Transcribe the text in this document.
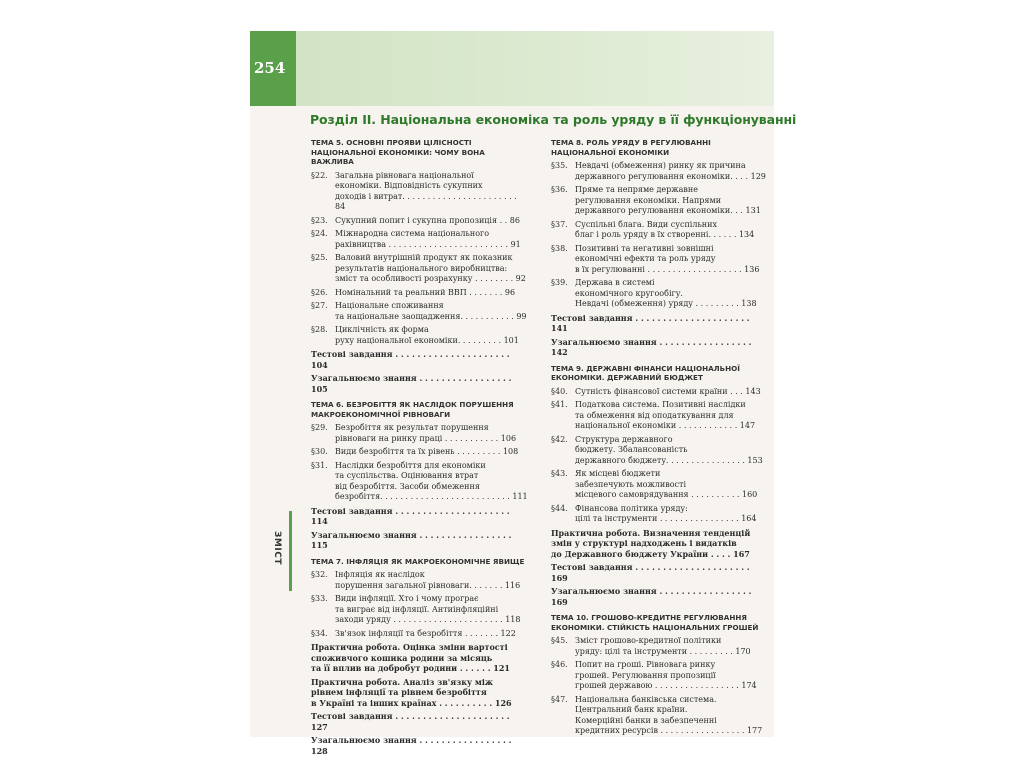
254
Розділ II. Національна економіка та роль уряду в її функціонуванні
ЗМІСТ
ТЕМА 5. ОСНОВНІ ПРОЯВИ ЦІЛІСНОСТІ НАЦІОНАЛЬНОЇ ЕКОНОМІКИ: ЧОМУ ВОНА ВАЖЛИВА
§22. Загальна рівновага національної
економіки. Відповідність сукупних
доходів і витрат. . . . . . . . . . . . . . . . . . . . . . . 84
§23. Сукупний попит і сукупна пропозиція . . 86
§24. Міжнародна система національного
рахівництва . . . . . . . . . . . . . . . . . . . . . . . . 91
§25. Валовий внутрішній продукт як показник
результатів національного виробництва:
зміст та особливості розрахунку . . . . . . . . 92
§26. Номінальний та реальний ВВП . . . . . . . 96
§27. Національне споживання
та національне заощадження. . . . . . . . . . . 99
§28. Циклічність як форма
руху національної економіки. . . . . . . . . 101
Тестові завдання . . . . . . . . . . . . . . . . . . . . . 104
Узагальнюємо знання . . . . . . . . . . . . . . . . . 105
ТЕМА 6. БЕЗРОБІТТЯ ЯК НАСЛІДОК ПОРУШЕННЯ МАКРОЕКОНОМІЧНОЇ РІВНОВАГИ
§29. Безробіття як результат порушення
рівноваги на ринку праці . . . . . . . . . . . 106
§30. Види безробіття та їх рівень . . . . . . . . . 108
§31. Наслідки безробіття для економіки
та суспільства. Оцінювання втрат
від безробіття. Засоби обмеження
безробіття. . . . . . . . . . . . . . . . . . . . . . . . . . 111
Тестові завдання . . . . . . . . . . . . . . . . . . . . . 114
Узагальнюємо знання . . . . . . . . . . . . . . . . . 115
ТЕМА 7. ІНФЛЯЦІЯ ЯК МАКРОЕКОНОМІЧНЕ ЯВИЩЕ
§32. Інфляція як наслідок
порушення загальної рівноваги. . . . . . . 116
§33. Види інфляції. Хто і чому програє
та виграє від інфляції. Антиінфляційні
заходи уряду . . . . . . . . . . . . . . . . . . . . . . 118
§34. Зв'язок інфляції та безробіття . . . . . . . 122
Практична робота. Оцінка зміни вартості
споживчого кошика родини за місяць
та її вплив на добробут родини . . . . . . 121
Практична робота. Аналіз зв'язку між
рівнем інфляції та рівнем безробіття
в Україні та інших країнах . . . . . . . . . . 126
Тестові завдання . . . . . . . . . . . . . . . . . . . . . 127
Узагальнюємо знання . . . . . . . . . . . . . . . . . 128
ТЕМА 8. РОЛЬ УРЯДУ В РЕГУЛЮВАННІ НАЦІОНАЛЬНОЇ ЕКОНОМІКИ
§35. Невдачі (обмеження) ринку як причина
державного регулювання економіки. . . . 129
§36. Пряме та непряме державне
регулювання економіки. Напрями
державного регулювання економіки. . . 131
§37. Суспільні блага. Види суспільних
благ і роль уряду в їх створенні. . . . . . 134
§38. Позитивні та негативні зовнішні
економічні ефекти та роль уряду
в їх регулюванні . . . . . . . . . . . . . . . . . . . 136
§39. Держава в системі
економічного кругообігу.
Невдачі (обмеження) уряду . . . . . . . . . 138
Тестові завдання . . . . . . . . . . . . . . . . . . . . . 141
Узагальнюємо знання . . . . . . . . . . . . . . . . . 142
ТЕМА 9. ДЕРЖАВНІ ФІНАНСИ НАЦІОНАЛЬНОЇ ЕКОНОМІКИ. ДЕРЖАВНИЙ БЮДЖЕТ
§40. Сутність фінансової системи країни . . . 143
§41. Податкова система. Позитивні наслідки
та обмеження від оподаткування для
національної економіки . . . . . . . . . . . . 147
§42. Структура державного
бюджету. Збалансованість
державного бюджету. . . . . . . . . . . . . . . . 153
§43. Як місцеві бюджети
забезпечують можливості
місцевого самоврядування . . . . . . . . . . 160
§44. Фінансова політика уряду:
цілі та інструменти . . . . . . . . . . . . . . . . 164
Практична робота. Визначення тенденцій
змін у структурі надходжень і видатків
до Державного бюджету України . . . . 167
Тестові завдання . . . . . . . . . . . . . . . . . . . . . 169
Узагальнюємо знання . . . . . . . . . . . . . . . . . 169
ТЕМА 10. ГРОШОВО-КРЕДИТНЕ РЕГУЛЮВАННЯ ЕКОНОМІКИ. СТІЙКІСТЬ НАЦІОНАЛЬНИХ ГРОШЕЙ
§45. Зміст грошово-кредитної політики
уряду: цілі та інструменти . . . . . . . . . 170
§46. Попит на гроші. Рівновага ринку
грошей. Регулювання пропозиції
грошей державою . . . . . . . . . . . . . . . . . 174
§47. Національна банківська система.
Центральний банк країни.
Комерційні банки в забезпеченні
кредитних ресурсів . . . . . . . . . . . . . . . . . 177
